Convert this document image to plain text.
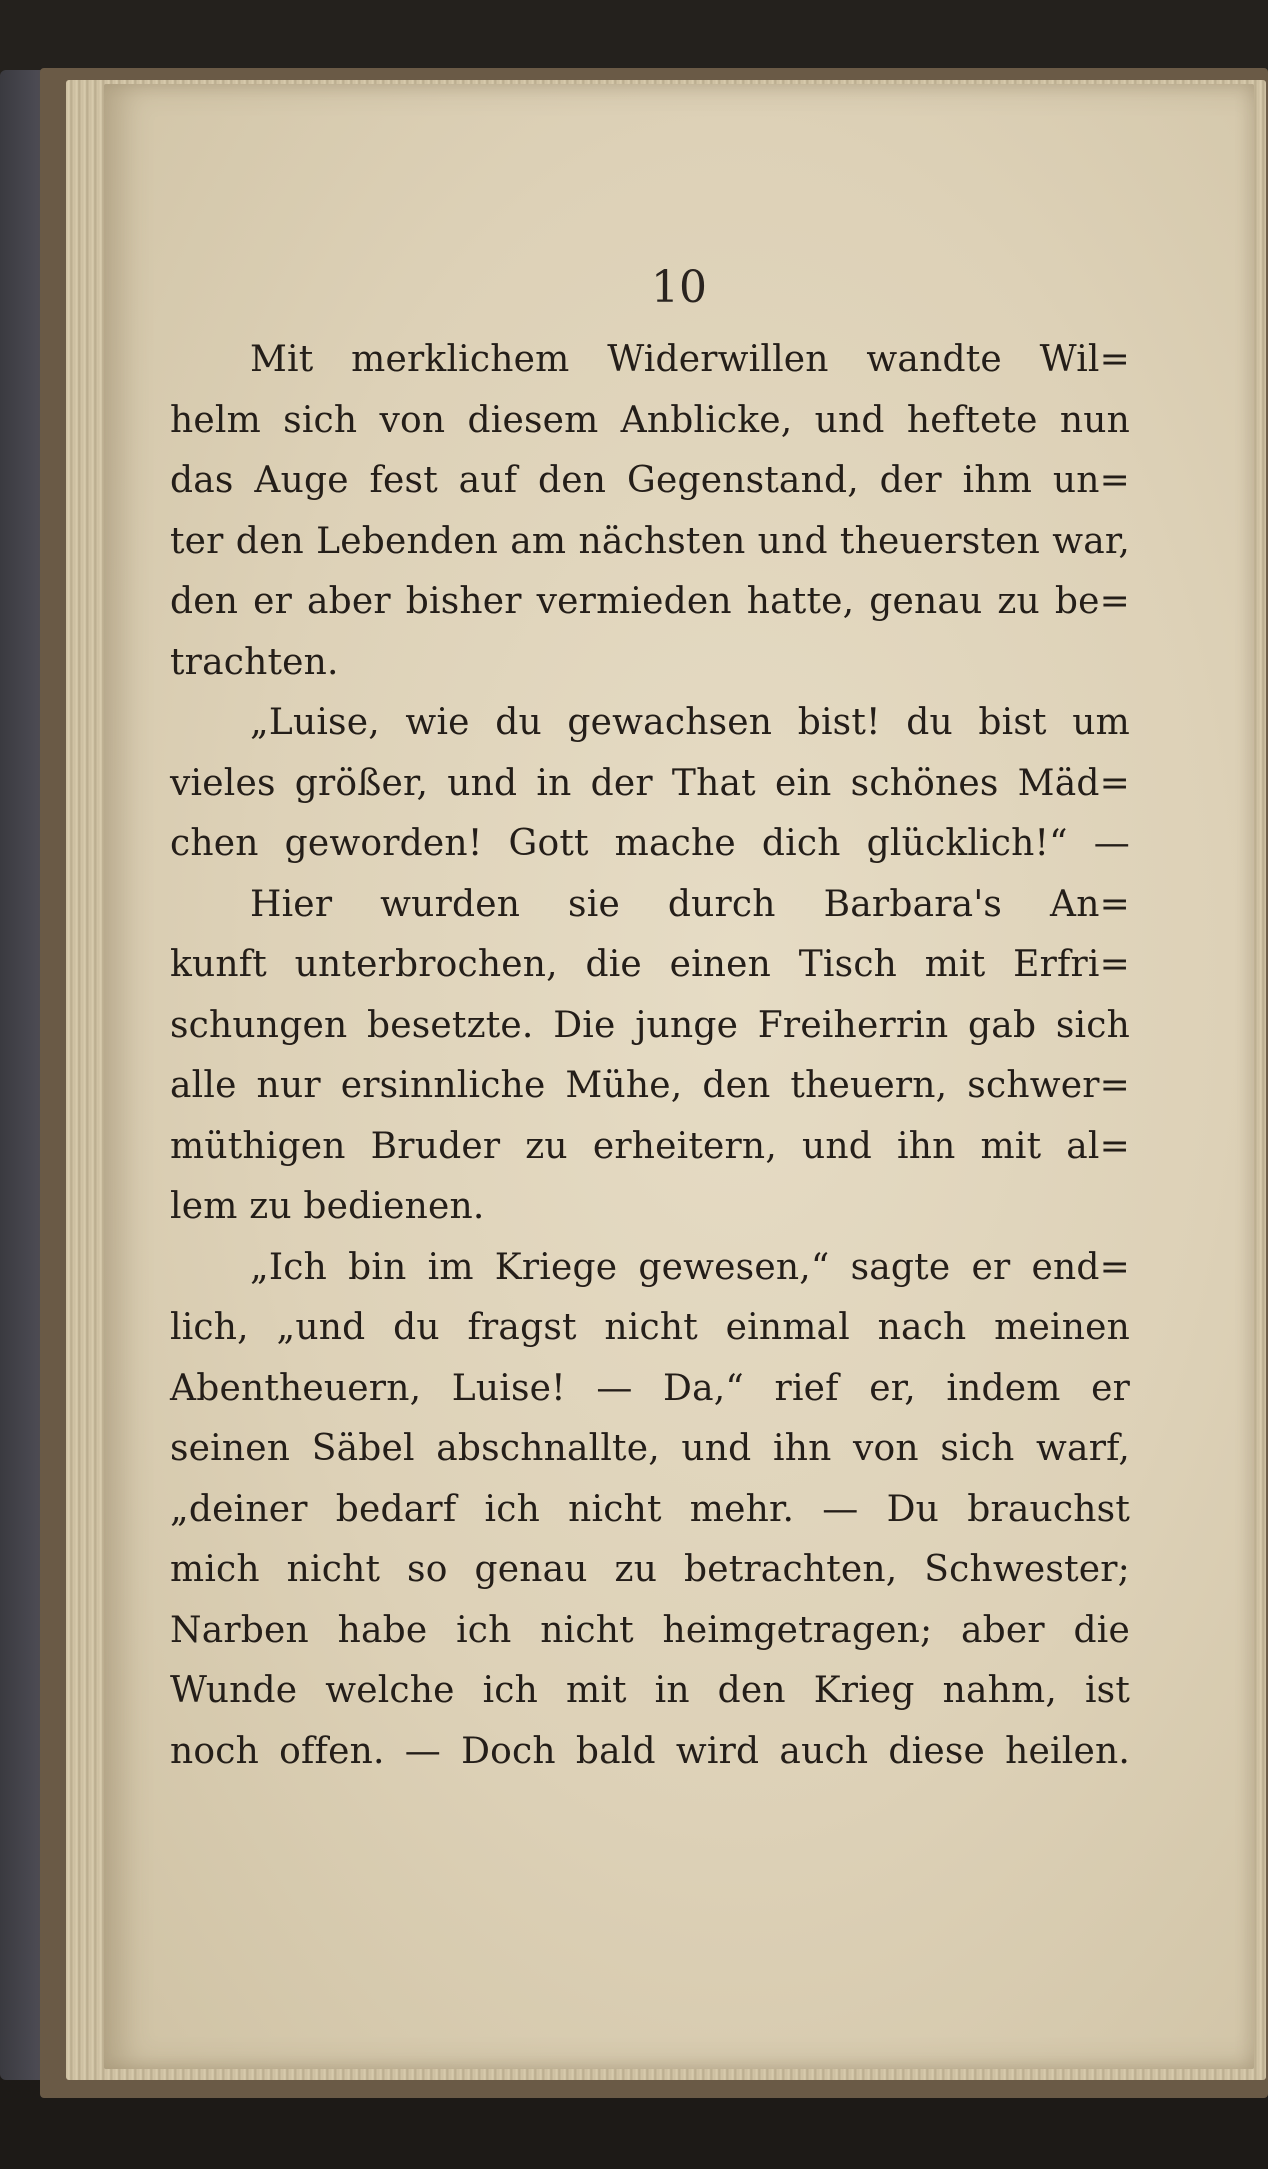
10
Mit merklichem Widerwillen wandte Wil=
helm sich von diesem Anblicke, und heftete nun
das Auge fest auf den Gegenstand, der ihm un=
ter den Lebenden am nächsten und theuersten war,
den er aber bisher vermieden hatte, genau zu be=
trachten.
„Luise, wie du gewachsen bist! du bist um
vieles größer, und in der That ein schönes Mäd=
chen geworden! Gott mache dich glücklich!“ —
Hier wurden sie durch Barbara's An=
kunft unterbrochen, die einen Tisch mit Erfri=
schungen besetzte. Die junge Freiherrin gab sich
alle nur ersinnliche Mühe, den theuern, schwer=
müthigen Bruder zu erheitern, und ihn mit al=
lem zu bedienen.
„Ich bin im Kriege gewesen,“ sagte er end=
lich, „und du fragst nicht einmal nach meinen
Abentheuern, Luise! — Da,“ rief er, indem er
seinen Säbel abschnallte, und ihn von sich warf,
„deiner bedarf ich nicht mehr. — Du brauchst
mich nicht so genau zu betrachten, Schwester;
Narben habe ich nicht heimgetragen; aber die
Wunde welche ich mit in den Krieg nahm, ist
noch offen. — Doch bald wird auch diese heilen.
